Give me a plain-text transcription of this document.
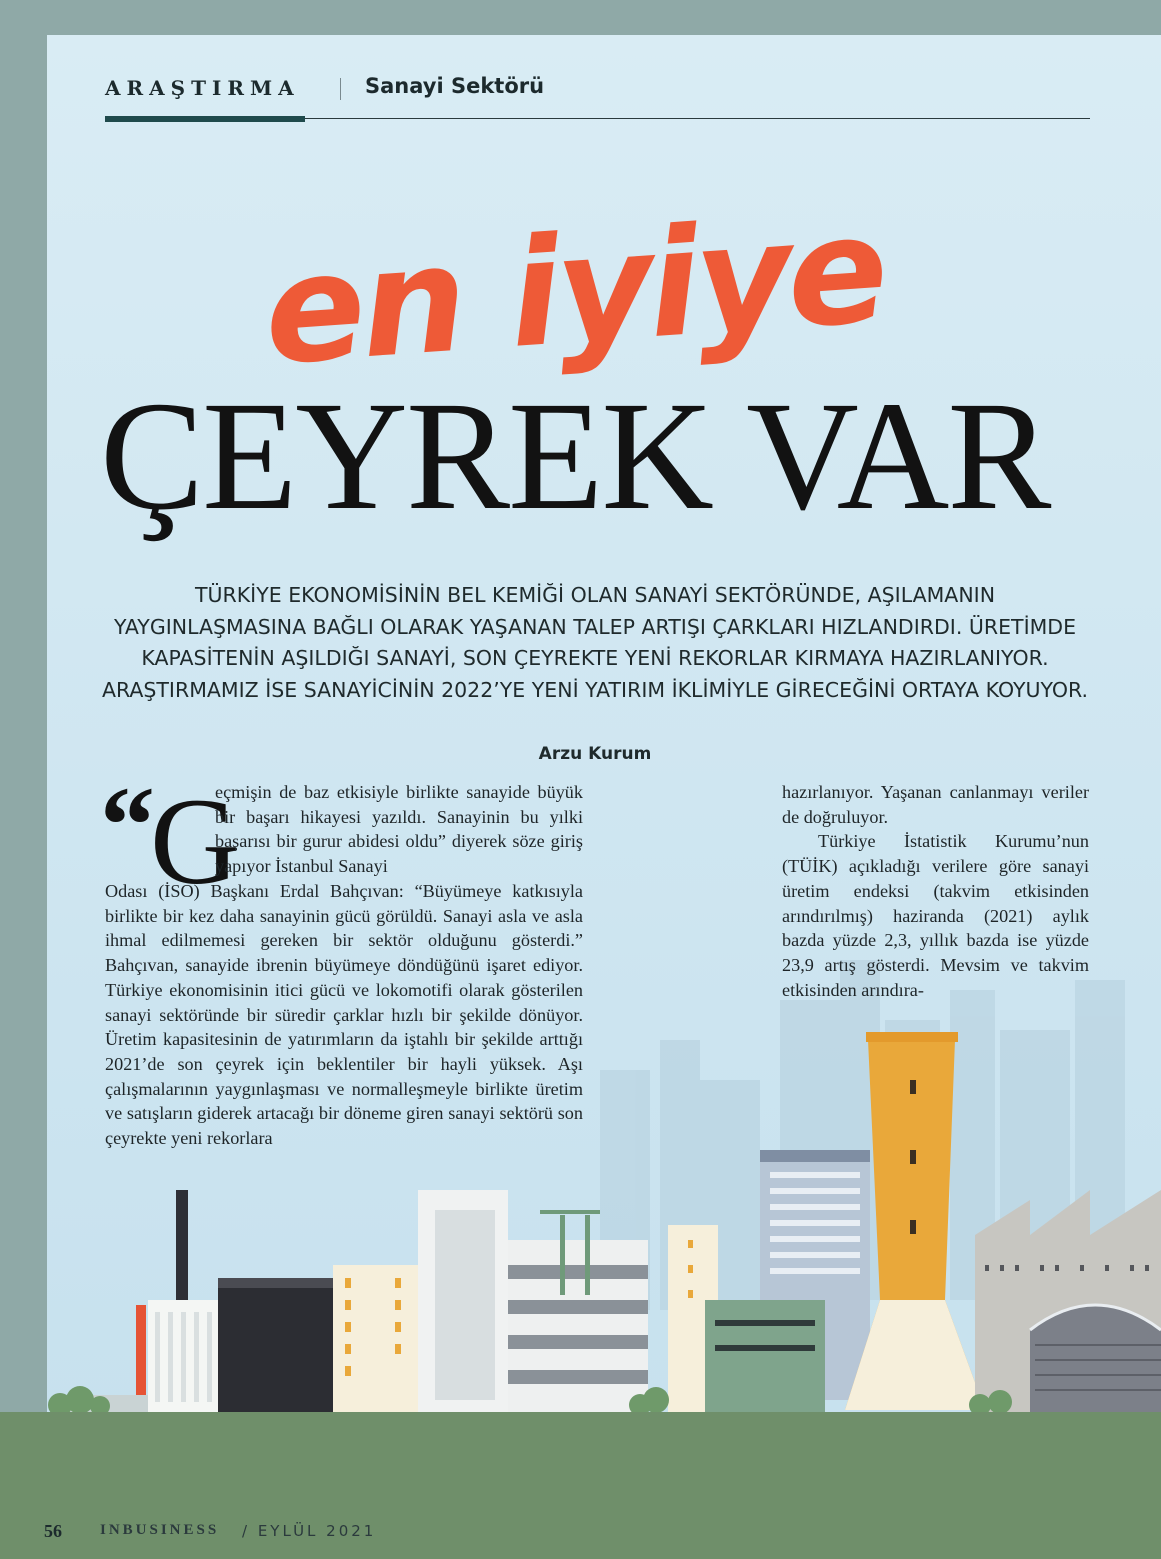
ARAŞTIRMA	Sanayi Sektörü
ÇEYREK VAR
en iyiye
TÜRKİYE EKONOMİSİNİN BEL KEMİĞİ OLAN SANAYİ SEKTÖRÜNDE, AŞILAMANIN YAYGINLAŞMASINA BAĞLI OLARAK YAŞANAN TALEP ARTIŞI ÇARKLARI HIZLANDIRDI. ÜRETİMDE KAPASİTENİN AŞILDIĞI SANAYİ, SON ÇEYREKTE YENİ REKORLAR KIRMAYA HAZIRLANIYOR. ARAŞTIRMAMIZ İSE SANAYİCİNİN 2022’YE YENİ YATIRIM İKLİMİYLE GİRECEĞİNİ ORTAYA KOYUYOR.
Arzu Kurum
“
G

eçmişin de baz etkisiyle birlikte sanayide büyük bir başarı hikayesi yazıldı. Sanayinin bu yılki başarısı bir gurur abidesi oldu” diyerek söze giriş yapıyor İstanbul Sanayi

Odası (İSO) Başkanı Erdal Bahçıvan: “Büyümeye katkısıyla birlikte bir kez daha sanayinin gücü görüldü. Sanayi asla ve asla ihmal edilmemesi gereken bir sektör olduğunu gösterdi.” Bahçıvan, sanayide ibrenin büyümeye döndüğünü işaret ediyor. Türkiye ekonomisinin itici gücü ve lokomotifi olarak gösterilen sanayi sektöründe bir süredir çarklar hızlı bir şekilde dönüyor. Üretim kapasitesinin de yatırımların da iştahlı bir şekilde arttığı 2021’de son çeyrek için beklentiler bir hayli yüksek. Aşı çalışmalarının yaygınlaşması ve normalleşmeyle birlikte üretim ve satışların giderek artacağı bir döneme giren sanayi sektörü son çeyrekte yeni rekorlara

hazırlanıyor. Yaşanan canlanmayı veriler de doğruluyor.

Türkiye İstatistik Kurumu’nun (TÜİK) açıkladığı verilere göre sanayi üretim endeksi (takvim etkisinden arındırılmış) haziranda (2021) aylık bazda yüzde 2,3, yıllık bazda ise yüzde 23,9 artış gösterdi. Mevsim ve takvim etkisinden arındıra-

56	INBUSINESS / EYLÜL 2021
